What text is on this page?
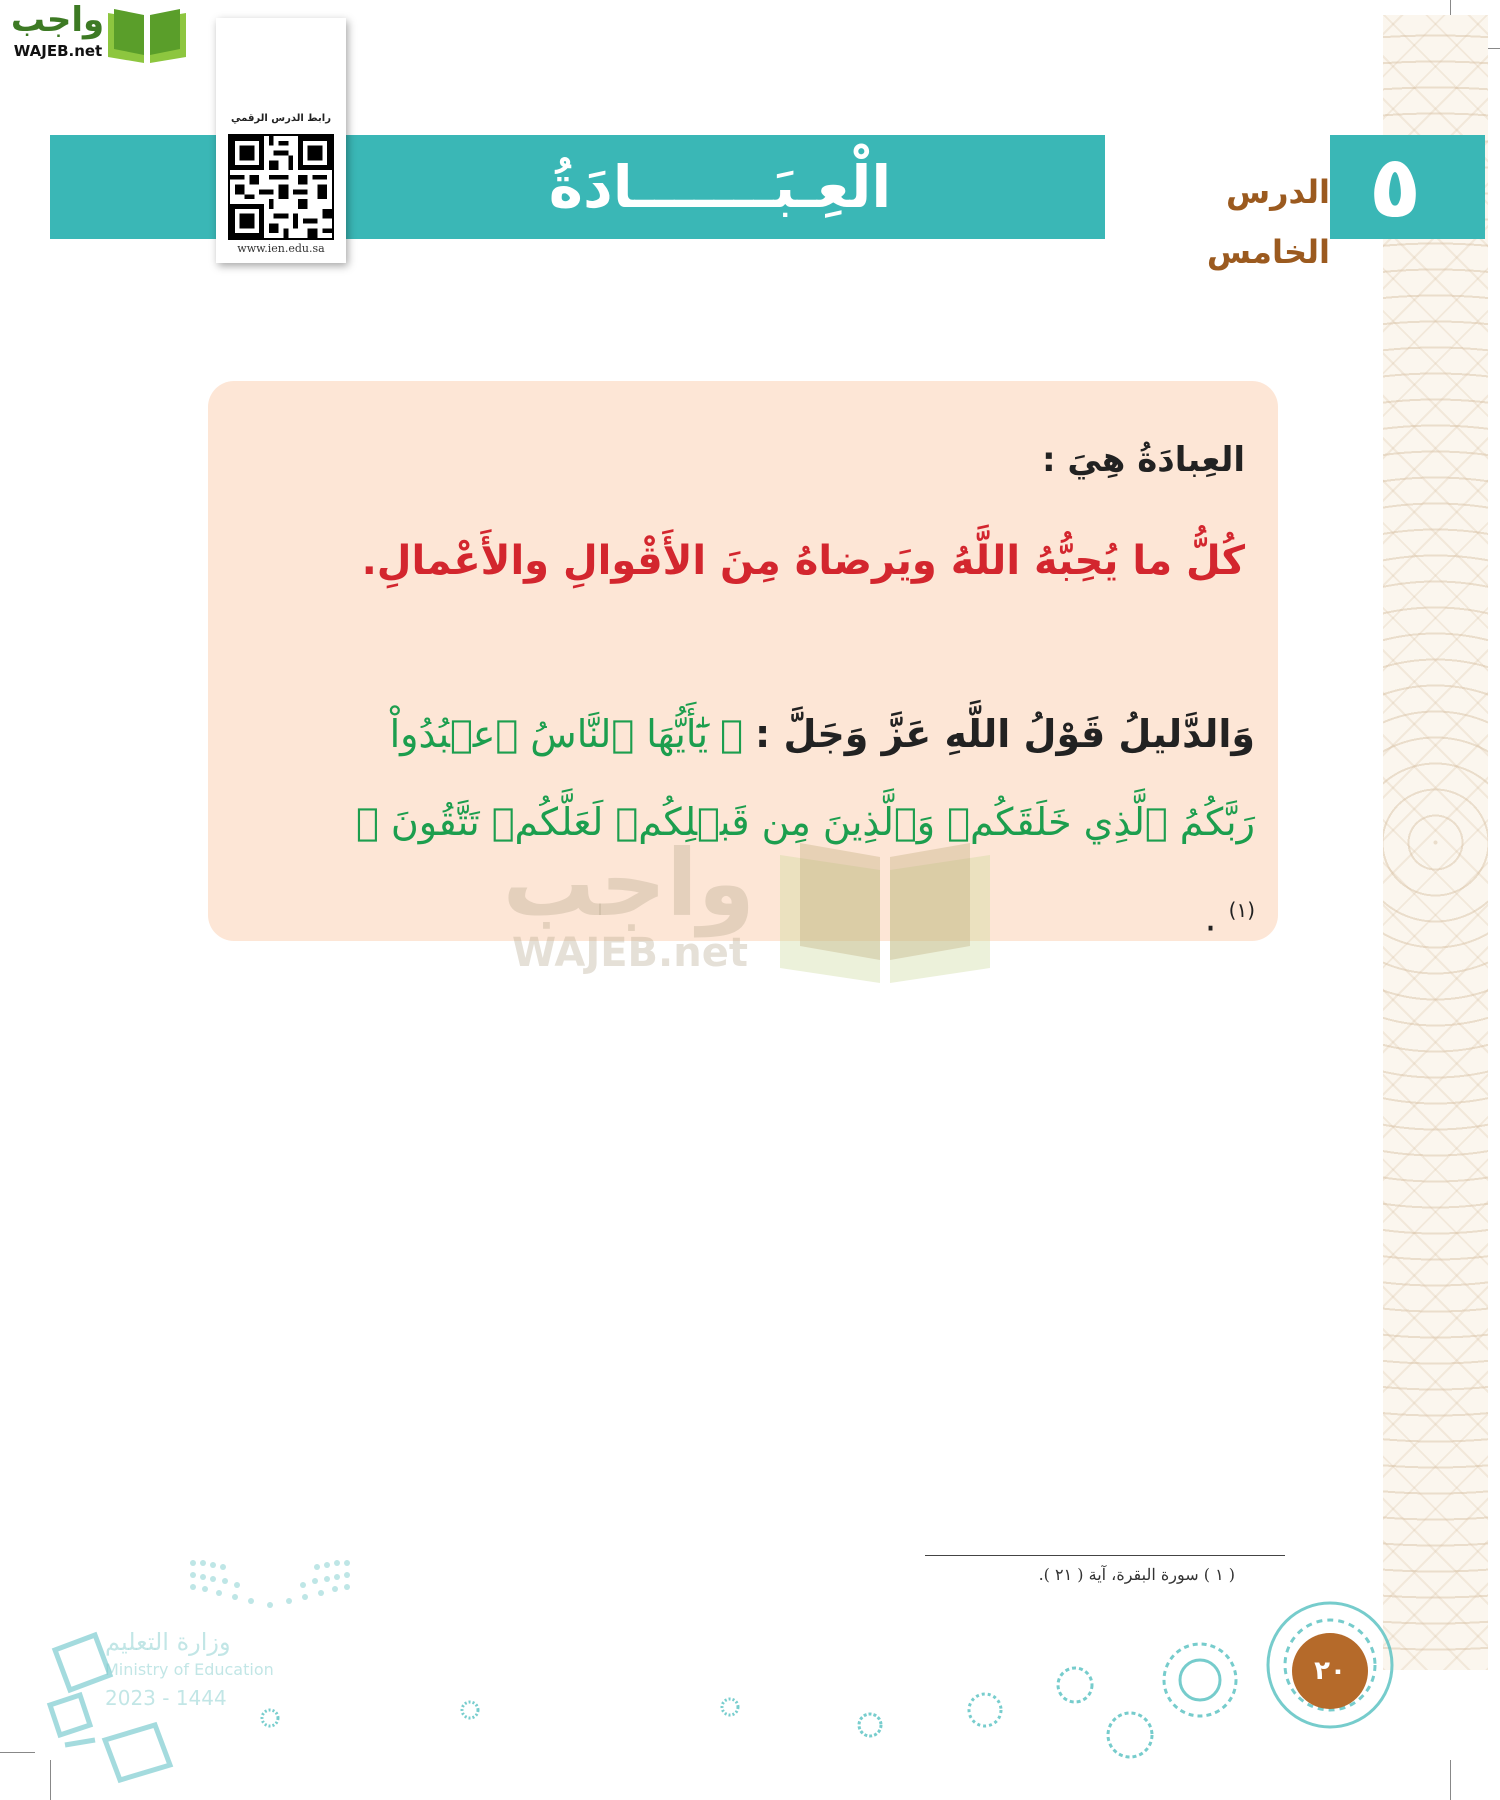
واجب
WAJEB.net
٥
الدرس الخامس
الْعِـبَـــــــادَةُ
رابط الدرس الرقمي
www.ien.edu.sa
العِبادَةُ هِيَ :
كُلُّ ما يُحِبُّهُ اللَّهُ ويَرضاهُ مِنَ الأَقْوالِ والأَعْمالِ.
وَالدَّليلُ قَوْلُ اللَّهِ عَزَّ وَجَلَّ : ﴿ يَٰٓأَيُّهَا ٱلنَّاسُ ٱعۡبُدُواْ رَبَّكُمُ ٱلَّذِي خَلَقَكُمۡ وَٱلَّذِينَ مِن قَبۡلِكُمۡ لَعَلَّكُمۡ تَتَّقُونَ ﴾ $^{(١)}$ .
واجب
WAJEB.net
( ١ ) سورة البقرة، آية ( ٢١ ).
٢٠
وزارة التعليم
Ministry of Education
2023 - 1444
